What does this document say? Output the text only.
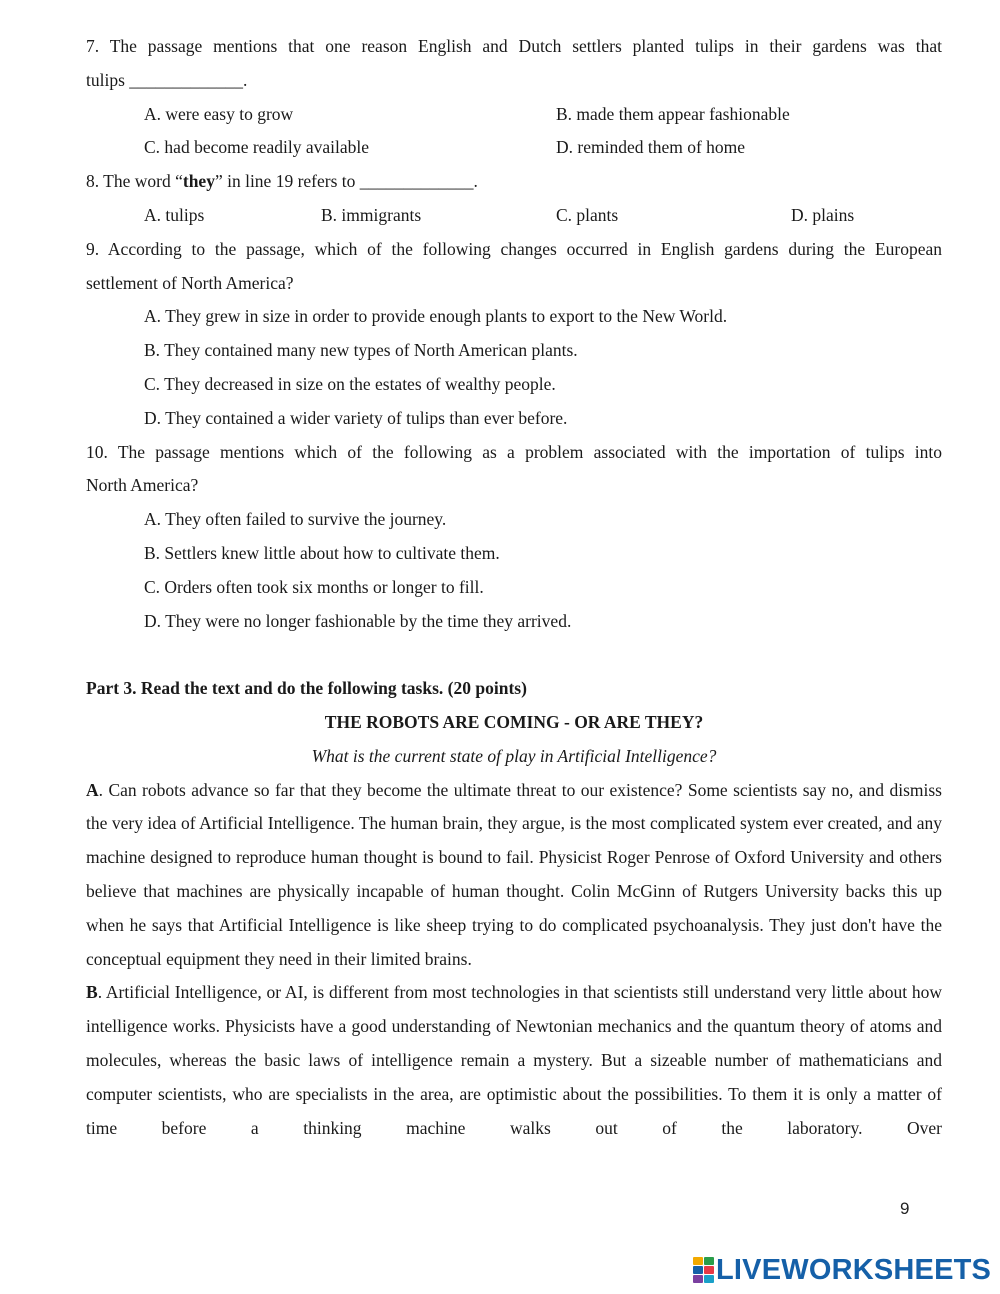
7. The passage mentions that one reason English and Dutch settlers planted tulips in their gardens was that
tulips _____________.
A. were easy to grow	B. made them appear fashionable
C. had become readily available	D. reminded them of home
8. The word “they” in line 19 refers to _____________.
A. tulips	B. immigrants	C. plants	D. plains
9. According to the passage, which of the following changes occurred in English gardens during the European
settlement of North America?
A. They grew in size in order to provide enough plants to export to the New World.
B. They contained many new types of North American plants.
C. They decreased in size on the estates of wealthy people.
D. They contained a wider variety of tulips than ever before.
10. The passage mentions which of the following as a problem associated with the importation of tulips into
North America?
A. They often failed to survive the journey.
B. Settlers knew little about how to cultivate them.
C. Orders often took six months or longer to fill.
D. They were no longer fashionable by the time they arrived.
Part 3. Read the text and do the following tasks. (20 points)
THE ROBOTS ARE COMING - OR ARE THEY?
What is the current state of play in Artificial Intelligence?
A. Can robots advance so far that they become the ultimate threat to our existence? Some scientists say no, and dismiss the very idea of Artificial Intelligence. The human brain, they argue, is the most complicated system ever created, and any machine designed to reproduce human thought is bound to fail. Physicist Roger Penrose of Oxford University and others believe that machines are physically incapable of human thought. Colin McGinn of Rutgers University backs this up when he says that Artificial Intelligence is like sheep trying to do complicated psychoanalysis. They just don't have the conceptual equipment they need in their limited brains.
B. Artificial Intelligence, or AI, is different from most technologies in that scientists still understand very little about how intelligence works. Physicists have a good understanding of Newtonian mechanics and the quantum theory of atoms and molecules, whereas the basic laws of intelligence remain a mystery. But a sizeable number of mathematicians and computer scientists, who are specialists in the area, are optimistic about the possibilities. To them it is only a matter of time before a thinking machine walks out of the laboratory. Over
9
LIVEWORKSHEETS
